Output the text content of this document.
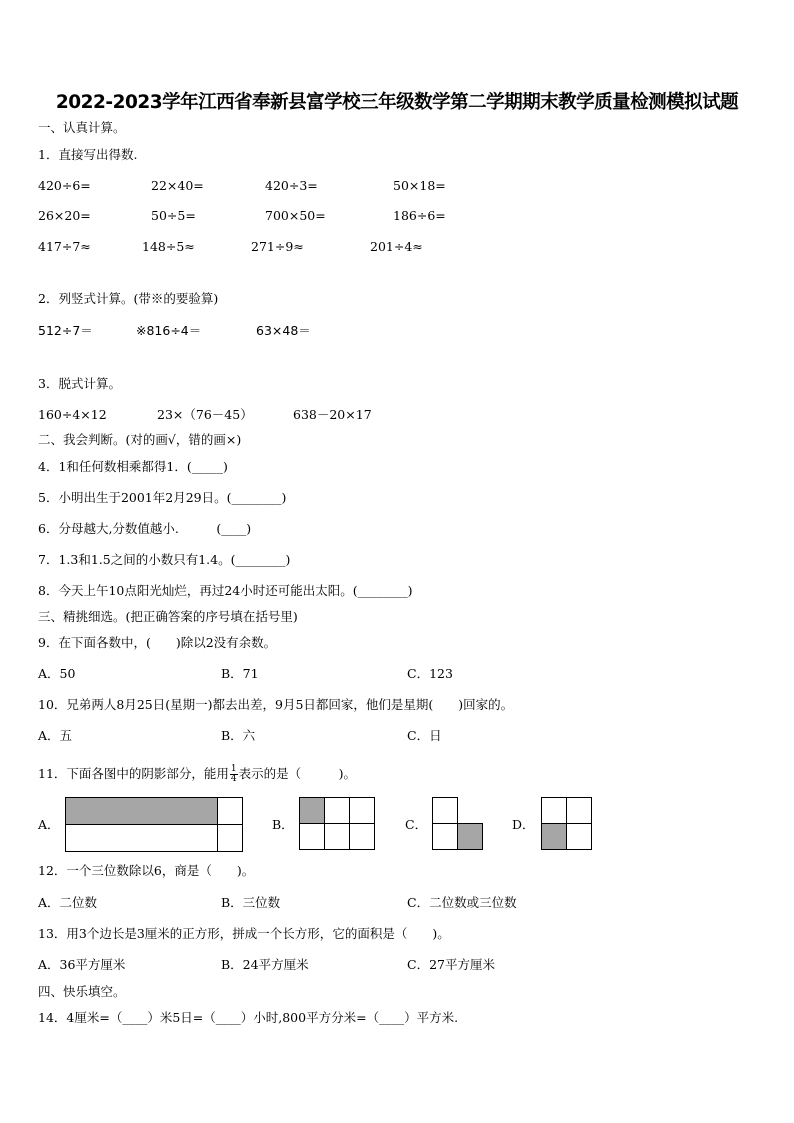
2022-2023学年江西省奉新县富学校三年级数学第二学期期末教学质量检测模拟试题
一、认真计算。
1．直接写出得数.
420÷6=	22×40=	420÷3=	50×18=
26×20=	50÷5=	700×50=	186÷6=
417÷7≈	148÷5≈	271÷9≈	201÷4≈
2．列竖式计算。(带※的要验算)
512÷7＝	※816÷4＝	63×48＝
3．脱式计算。
160÷4×12	23×（76－45）	638－20×17
二、我会判断。(对的画√，错的画×)
4．1和任何数相乘都得1．(_____)
5．小明出生于2001年2月29日。(________)
6．分母越大,分数值越小.　　　(____)
7．1.3和1.5之间的小数只有1.4。(________)
8．今天上午10点阳光灿烂，再过24小时还可能出太阳。(________)
三、精挑细选。(把正确答案的序号填在括号里)
9．在下面各数中，(　　)除以2没有余数。
A．50	B．71	C．123
10．兄弟两人8月25日(星期一)都去出差，9月5日都回家，他们是星期(　　)回家的。
A．五	B．六	C．日
11．下面各图中的阴影部分，能用 $\frac{1}{4}$ 表示的是（　　　)。
A．	B．	C．	D．
12．一个三位数除以6，商是（　　)。
A．二位数	B．三位数	C．二位数或三位数
13．用3个边长是3厘米的正方形，拼成一个长方形，它的面积是（　　)。
A．36平方厘米	B．24平方厘米	C．27平方厘米
四、快乐填空。
14．4厘米=（____）米5日=（____）小时,800平方分米=（____）平方米.
